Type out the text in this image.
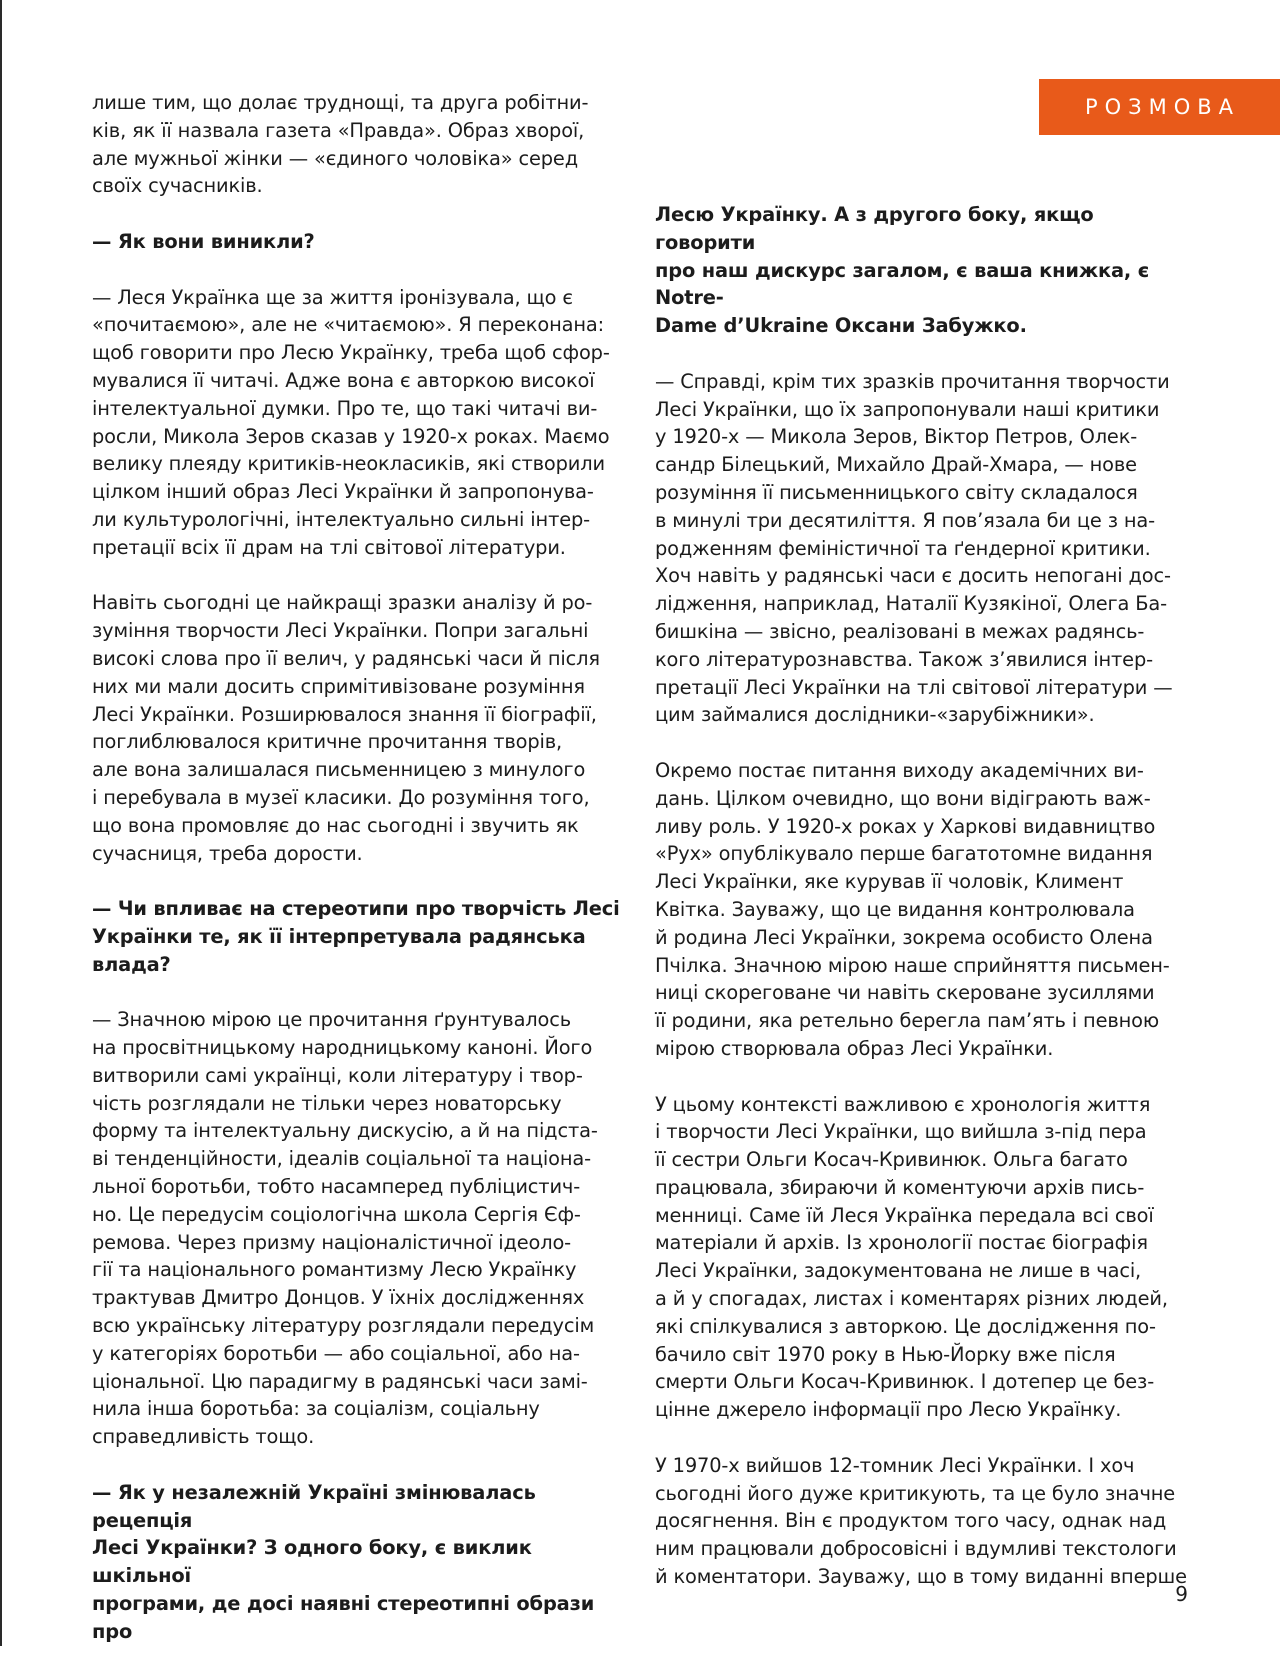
РОЗМОВА

лише тим, що долає труднощі, та друга робітни-
ків, як її назвала газета «Правда». Образ хворої,
але мужньої жінки — «єдиного чоловіка» серед
своїх сучасників.

— Як вони виникли?

— Леся Українка ще за життя іронізувала, що є
«почитаємою», але не «читаємою». Я переконана:
щоб говорити про Лесю Українку, треба щоб сфор-
мувалися її читачі. Адже вона є авторкою високої
інтелектуальної думки. Про те, що такі читачі ви-
росли, Микола Зеров сказав у 1920-х роках. Маємо
велику плеяду критиків-неокласиків, які створили
цілком інший образ Лесі Українки й запропонува-
ли культурологічні, інтелектуально сильні інтер-
претації всіх її драм на тлі світової літератури.

Навіть сьогодні це найкращі зразки аналізу й ро-
зуміння творчости Лесі Українки. Попри загальні
високі слова про її велич, у радянські часи й після
них ми мали досить спримітивізоване розуміння
Лесі Українки. Розширювалося знання її біографії,
поглиблювалося критичне прочитання творів,
але вона залишалася письменницею з минулого
і перебувала в музеї класики. До розуміння того,
що вона промовляє до нас сьогодні і звучить як
сучасниця, треба дорости.

— Чи впливає на стереотипи про творчість Лесі
Українки те, як її інтерпретувала радянська влада?

— Значною мірою це прочитання ґрунтувалось
на просвітницькому народницькому каноні. Його
витворили самі українці, коли літературу і твор-
чість розглядали не тільки через новаторську
форму та інтелектуальну дискусію, а й на підста-
ві тенденційности, ідеалів соціальної та націона-
льної боротьби, тобто насамперед публіцистич-
но. Це передусім соціологічна школа Сергія Єф-
ремова. Через призму націоналістичної ідеоло-
гії та національного романтизму Лесю Українку
трактував Дмитро Донцов. У їхніх дослідженнях
всю українську літературу розглядали передусім
у категоріях боротьби — або соціальної, або на-
ціональної. Цю парадигму в радянські часи замі-
нила інша боротьба: за соціалізм, соціальну
справедливість тощо.

— Як у незалежній Україні змінювалась рецепція
Лесі Українки? З одного боку, є виклик шкільної
програми, де досі наявні стереотипні образи про

Лесю Українку. А з другого боку, якщо говорити
про наш дискурс загалом, є ваша книжка, є Notre-
Dame d’Ukraine Оксани Забужко.

— Справді, крім тих зразків прочитання творчости
Лесі Українки, що їх запропонували наші критики
у 1920-х — Микола Зеров, Віктор Петров, Олек-
сандр Білецький, Михайло Драй-Хмара, — нове
розуміння її письменницького світу складалося
в минулі три десятиліття. Я пов’язала би це з на-
родженням феміністичної та ґендерної критики.
Хоч навіть у радянські часи є досить непогані дос-
лідження, наприклад, Наталії Кузякіної, Олега Ба-
бишкіна — звісно, реалізовані в межах радянсь-
кого літературознавства. Також з’явилися інтер-
претації Лесі Українки на тлі світової літератури —
цим займалися дослідники-«зарубіжники».

Окремо постає питання виходу академічних ви-
дань. Цілком очевидно, що вони відіграють важ-
ливу роль. У 1920-х роках у Харкові видавництво
«Рух» опублікувало перше багатотомне видання
Лесі Українки, яке курував її чоловік, Климент
Квітка. Зауважу, що це видання контролювала
й родина Лесі Українки, зокрема особисто Олена
Пчілка. Значною мірою наше сприйняття письмен-
ниці скореговане чи навіть скероване зусиллями
її родини, яка ретельно берегла пам’ять і певною
мірою створювала образ Лесі Українки.

У цьому контексті важливою є хронологія життя
і творчости Лесі Українки, що вийшла з-під пера
її сестри Ольги Косач-Кривинюк. Ольга багато
працювала, збираючи й коментуючи архів пись-
менниці. Саме їй Леся Українка передала всі свої
матеріали й архів. Із хронології постає біографія
Лесі Українки, задокументована не лише в часі,
а й у спогадах, листах і коментарях різних людей,
які спілкувалися з авторкою. Це дослідження по-
бачило світ 1970 року в Нью-Йорку вже після
смерти Ольги Косач-Кривинюк. І дотепер це без-
цінне джерело інформації про Лесю Українку.

У 1970-х вийшов 12-томник Лесі Українки. І хоч
сьогодні його дуже критикують, та це було значне
досягнення. Він є продуктом того часу, однак над
ним працювали добросовісні і вдумливі текстологи
й коментатори. Зауважу, що в тому виданні вперше

9
